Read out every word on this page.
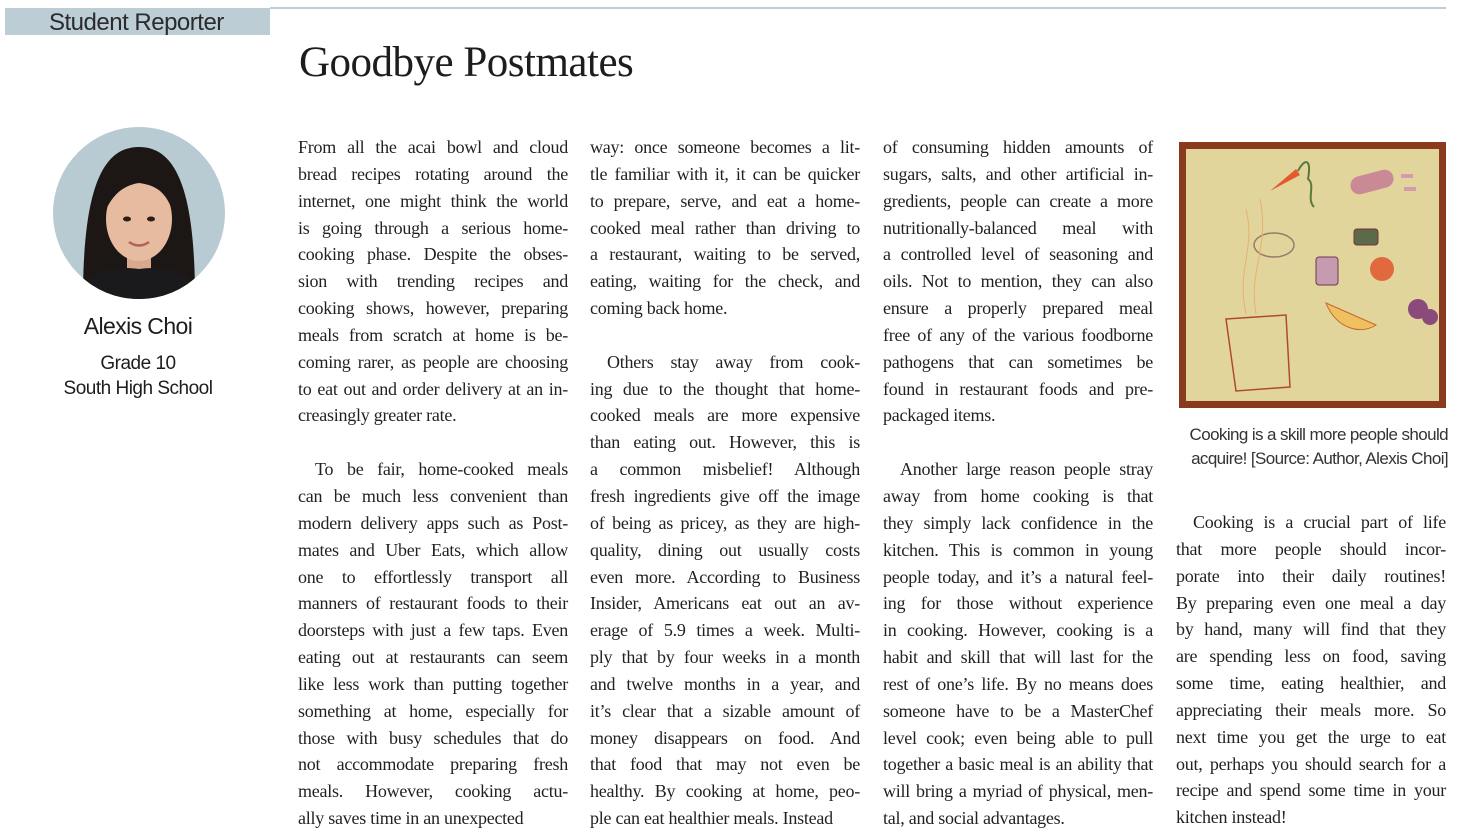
Student Reporter
Goodbye Postmates
Alexis Choi
Grade 10
South High School
From all the acai bowl and cloud
bread recipes rotating around the
internet, one might think the world
is going through a serious home-
cooking phase. Despite the obses-
sion with trending recipes and
cooking shows, however, preparing
meals from scratch at home is be-
coming rarer, as people are choosing
to eat out and order delivery at an in-
creasingly greater rate.
To be fair, home-cooked meals
can be much less convenient than
modern delivery apps such as Post-
mates and Uber Eats, which allow
one to effortlessly transport all
manners of restaurant foods to their
doorsteps with just a few taps. Even
eating out at restaurants can seem
like less work than putting together
something at home, especially for
those with busy schedules that do
not accommodate preparing fresh
meals. However, cooking actu-
ally saves time in an unexpected
way: once someone becomes a lit-
tle familiar with it, it can be quicker
to prepare, serve, and eat a home-
cooked meal rather than driving to
a restaurant, waiting to be served,
eating, waiting for the check, and
coming back home.
Others stay away from cook-
ing due to the thought that home-
cooked meals are more expensive
than eating out. However, this is
a common misbelief! Although
fresh ingredients give off the image
of being as pricey, as they are high-
quality, dining out usually costs
even more. According to Business
Insider, Americans eat out an av-
erage of 5.9 times a week. Multi-
ply that by four weeks in a month
and twelve months in a year, and
it’s clear that a sizable amount of
money disappears on food. And
that food that may not even be
healthy. By cooking at home, peo-
ple can eat healthier meals. Instead
of consuming hidden amounts of
sugars, salts, and other artificial in-
gredients, people can create a more
nutritionally-balanced meal with
a controlled level of seasoning and
oils. Not to mention, they can also
ensure a properly prepared meal
free of any of the various foodborne
pathogens that can sometimes be
found in restaurant foods and pre-
packaged items.
Another large reason people stray
away from home cooking is that
they simply lack confidence in the
kitchen. This is common in young
people today, and it’s a natural feel-
ing for those without experience
in cooking. However, cooking is a
habit and skill that will last for the
rest of one’s life. By no means does
someone have to be a MasterChef
level cook; even being able to pull
together a basic meal is an ability that
will bring a myriad of physical, men-
tal, and social advantages.
Cooking is a crucial part of life
that more people should incor-
porate into their daily routines!
By preparing even one meal a day
by hand, many will find that they
are spending less on food, saving
some time, eating healthier, and
appreciating their meals more. So
next time you get the urge to eat
out, perhaps you should search for a
recipe and spend some time in your
kitchen instead!
Cooking is a skill more people should
acquire! [Source: Author, Alexis Choi]
